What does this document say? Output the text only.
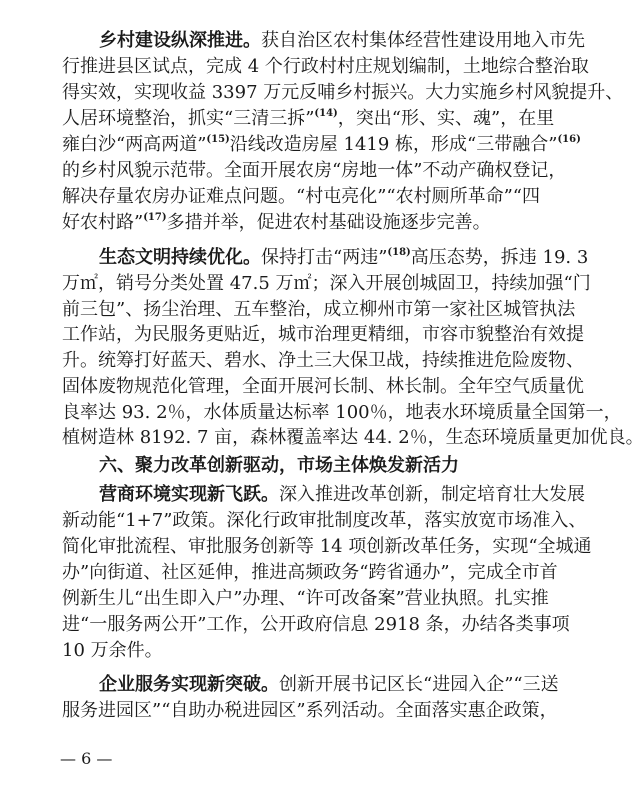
乡村建设纵深推进。获自治区农村集体经营性建设用地入市先
行推进县区试点，完成 4 个行政村村庄规划编制，土地综合整治取
得实效，实现收益 3397 万元反哺乡村振兴。大力实施乡村风貌提升、
人居环境整治，抓实“三清三拆”$^{(14)}$，突出“形、实、魂”，在里
雍白沙“两高两道”$^{(15)}$沿线改造房屋 1419 栋，形成“三带融合”$^{(16)}$
的乡村风貌示范带。全面开展农房“房地一体”不动产确权登记，
解决存量农房办证难点问题。“村屯亮化”“农村厕所革命”“四
好农村路”$^{(17)}$多措并举，促进农村基础设施逐步完善。
生态文明持续优化。保持打击“两违”$^{(18)}$高压态势，拆违 19. 3
万㎡，销号分类处置 47.5 万㎡；深入开展创城固卫，持续加强“门
前三包”、扬尘治理、五车整治，成立柳州市第一家社区城管执法
工作站，为民服务更贴近，城市治理更精细，市容市貌整治有效提
升。统筹打好蓝天、碧水、净土三大保卫战，持续推进危险废物、
固体废物规范化管理，全面开展河长制、林长制。全年空气质量优
良率达 93. 2％，水体质量达标率 100％，地表水环境质量全国第一，
六、聚力改革创新驱动，市场主体焕发新活力
营商环境实现新飞跃。深入推进改革创新，制定培育壮大发展
新动能“1+7”政策。深化行政审批制度改革，落实放宽市场准入、
简化审批流程、审批服务创新等 14 项创新改革任务，实现“全城通
办”向街道、社区延伸，推进高频政务“跨省通办”，完成全市首
例新生儿“出生即入户”办理、“许可改备案”营业执照。扎实推
进“一服务两公开”工作，公开政府信息 2918 条，办结各类事项
10 万余件。
企业服务实现新突破。创新开展书记区长“进园入企”“三送
服务进园区”“自助办税进园区”系列活动。全面落实惠企政策，
— 6 —
植树造林 8192. 7 亩，森林覆盖率达 44. 2％，生态环境质量更加优良。
